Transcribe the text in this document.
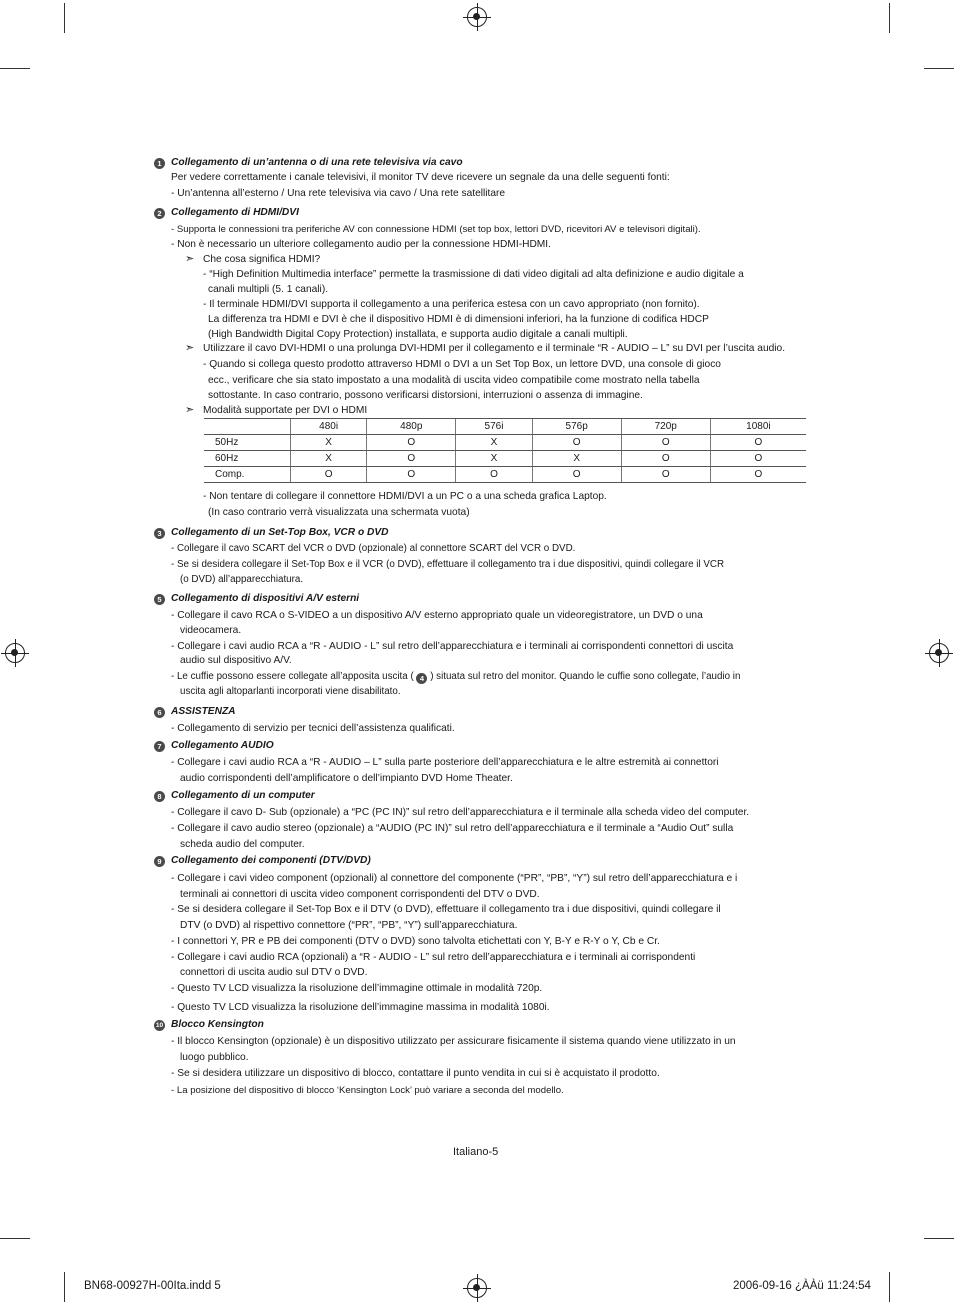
1 Collegamento di un’antenna o di una rete televisiva via cavo
Per vedere correttamente i canale televisivi, il monitor TV deve ricevere un segnale da una delle seguenti fonti:
- Un’antenna all’esterno / Una rete televisiva via cavo / Una rete satellitare
2 Collegamento di HDMI/DVI
- Supporta le connessioni tra periferiche AV con connessione HDMI (set top box, lettori DVD, ricevitori AV e televisori digitali).
- Non è necessario un ulteriore collegamento audio per la connessione HDMI-HDMI.
➣ Che cosa significa HDMI?
- “High Definition Multimedia interface” permette la trasmissione di dati video digitali ad alta definizione e audio digitale a
canali multipli (5. 1 canali).
- Il terminale HDMI/DVI supporta il collegamento a una periferica estesa con un cavo appropriato (non fornito).
La differenza tra HDMI e DVI è che il dispositivo HDMI è di dimensioni inferiori, ha la funzione di codifica HDCP
(High Bandwidth Digital Copy Protection) installata, e supporta audio digitale a canali multipli.
➣ Utilizzare il cavo DVI-HDMI o una prolunga DVI-HDMI per il collegamento e il terminale “R - AUDIO – L” su DVI per l’uscita audio.
- Quando si collega questo prodotto attraverso HDMI o DVI a un Set Top Box, un lettore DVD, una console di gioco
ecc., verificare che sia stato impostato a una modalità di uscita video compatibile come mostrato nella tabella
sottostante. In caso contrario, possono verificarsi distorsioni, interruzioni o assenza di immagine.
➣ Modalità supportate per DVI o HDMI
	480i	480p	576i	576p	720p	1080i
50Hz	X	O	X	O	O	O
60Hz	X	O	X	X	O	O
Comp.	O	O	O	O	O	O
- Non tentare di collegare il connettore HDMI/DVI a un PC o a una scheda grafica Laptop.
(In caso contrario verrà visualizzata una schermata vuota)
3 Collegamento di un Set-Top Box, VCR o DVD
- Collegare il cavo SCART del VCR o DVD (opzionale) al connettore SCART del VCR o DVD.
- Se si desidera collegare il Set-Top Box e il VCR (o DVD), effettuare il collegamento tra i due dispositivi, quindi collegare il VCR
(o DVD) all’apparecchiatura.
5 Collegamento di dispositivi A/V esterni
- Collegare il cavo RCA o S-VIDEO a un dispositivo A/V esterno appropriato quale un videoregistratore, un DVD o una
videocamera.
- Collegare i cavi audio RCA a “R - AUDIO - L” sul retro dell’apparecchiatura e i terminali ai corrispondenti connettori di uscita
audio sul dispositivo A/V.
- Le cuffie possono essere collegate all’apposita uscita ( 4 ) situata sul retro del monitor. Quando le cuffie sono collegate, l’audio in
uscita agli altoparlanti incorporati viene disabilitato.
6 ASSISTENZA
- Collegamento di servizio per tecnici dell’assistenza qualificati.
7 Collegamento AUDIO
- Collegare i cavi audio RCA a “R - AUDIO – L” sulla parte posteriore dell’apparecchiatura e le altre estremità ai connettori
audio corrispondenti dell’amplificatore o dell’impianto DVD Home Theater.
8 Collegamento di un computer
- Collegare il cavo D- Sub (opzionale) a “PC (PC IN)” sul retro dell’apparecchiatura e il terminale alla scheda video del computer.
- Collegare il cavo audio stereo (opzionale) a “AUDIO (PC IN)” sul retro dell’apparecchiatura e il terminale a “Audio Out” sulla
scheda audio del computer.
9 Collegamento dei componenti (DTV/DVD)
- Collegare i cavi video component (opzionali) al connettore del componente (“PR”, “PB”, “Y”) sul retro dell’apparecchiatura e i
terminali ai connettori di uscita video component corrispondenti del DTV o DVD.
- Se si desidera collegare il Set-Top Box e il DTV (o DVD), effettuare il collegamento tra i due dispositivi, quindi collegare il
DTV (o DVD) al rispettivo connettore (“PR”, “PB”, “Y”) sull’apparecchiatura.
- I connettori Y, PR e PB dei componenti (DTV o DVD) sono talvolta etichettati con Y, B-Y e R-Y o Y, Cb e Cr.
- Collegare i cavi audio RCA (opzionali) a “R - AUDIO - L” sul retro dell’apparecchiatura e i terminali ai corrispondenti
connettori di uscita audio sul DTV o DVD.
- Questo TV LCD visualizza la risoluzione dell’immagine ottimale in modalità 720p.
- Questo TV LCD visualizza la risoluzione dell’immagine massima in modalità 1080i.
10 Blocco Kensington
- Il blocco Kensington (opzionale) è un dispositivo utilizzato per assicurare fisicamente il sistema quando viene utilizzato in un
luogo pubblico.
- Se si desidera utilizzare un dispositivo di blocco, contattare il punto vendita in cui si è acquistato il prodotto.
- La posizione del dispositivo di blocco ‘Kensington Lock’ può variare a seconda del modello.
Italiano-5
BN68-00927H-00Ita.indd 5	2006-09-16 ¿ÀÀü 11:24:54
